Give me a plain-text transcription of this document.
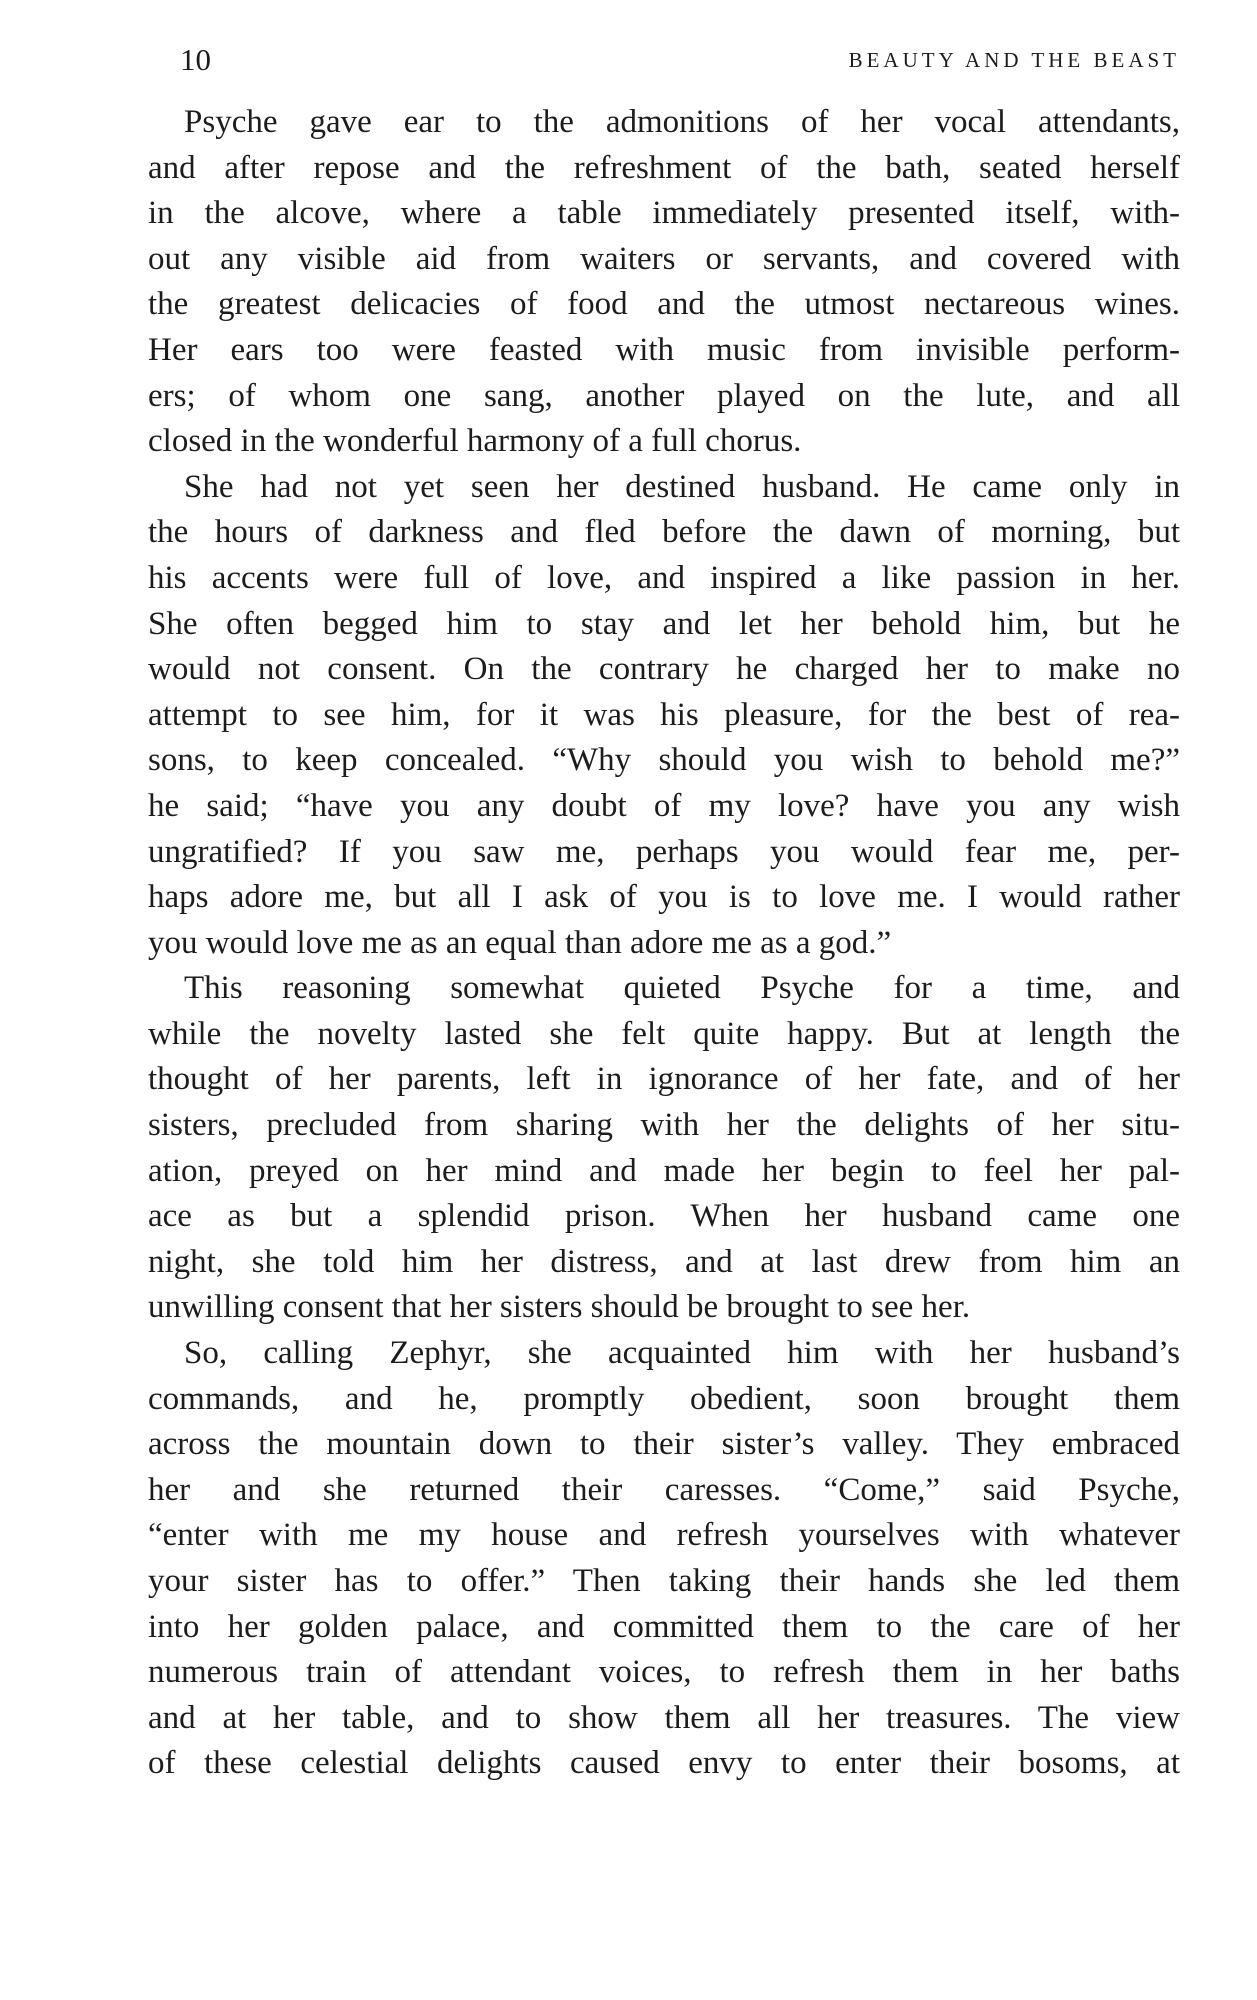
10	BEAUTY AND THE BEAST
Psyche gave ear to the admonitions of her vocal attendants,
and after repose and the refreshment of the bath, seated herself
in the alcove, where a table immediately presented itself, with-
out any visible aid from waiters or servants, and covered with
the greatest delicacies of food and the utmost nectareous wines.
Her ears too were feasted with music from invisible perform-
ers; of whom one sang, another played on the lute, and all
closed in the wonderful harmony of a full chorus.
She had not yet seen her destined husband. He came only in
the hours of darkness and fled before the dawn of morning, but
his accents were full of love, and inspired a like passion in her.
She often begged him to stay and let her behold him, but he
would not consent. On the contrary he charged her to make no
attempt to see him, for it was his pleasure, for the best of rea-
sons, to keep concealed. “Why should you wish to behold me?”
he said; “have you any doubt of my love? have you any wish
ungratified? If you saw me, perhaps you would fear me, per-
haps adore me, but all I ask of you is to love me. I would rather
you would love me as an equal than adore me as a god.”
This reasoning somewhat quieted Psyche for a time, and
while the novelty lasted she felt quite happy. But at length the
thought of her parents, left in ignorance of her fate, and of her
sisters, precluded from sharing with her the delights of her situ-
ation, preyed on her mind and made her begin to feel her pal-
ace as but a splendid prison. When her husband came one
night, she told him her distress, and at last drew from him an
unwilling consent that her sisters should be brought to see her.
So, calling Zephyr, she acquainted him with her husband’s
commands, and he, promptly obedient, soon brought them
across the mountain down to their sister’s valley. They embraced
her and she returned their caresses. “Come,” said Psyche,
“enter with me my house and refresh yourselves with whatever
your sister has to offer.” Then taking their hands she led them
into her golden palace, and committed them to the care of her
numerous train of attendant voices, to refresh them in her baths
and at her table, and to show them all her treasures. The view
of these celestial delights caused envy to enter their bosoms, at
